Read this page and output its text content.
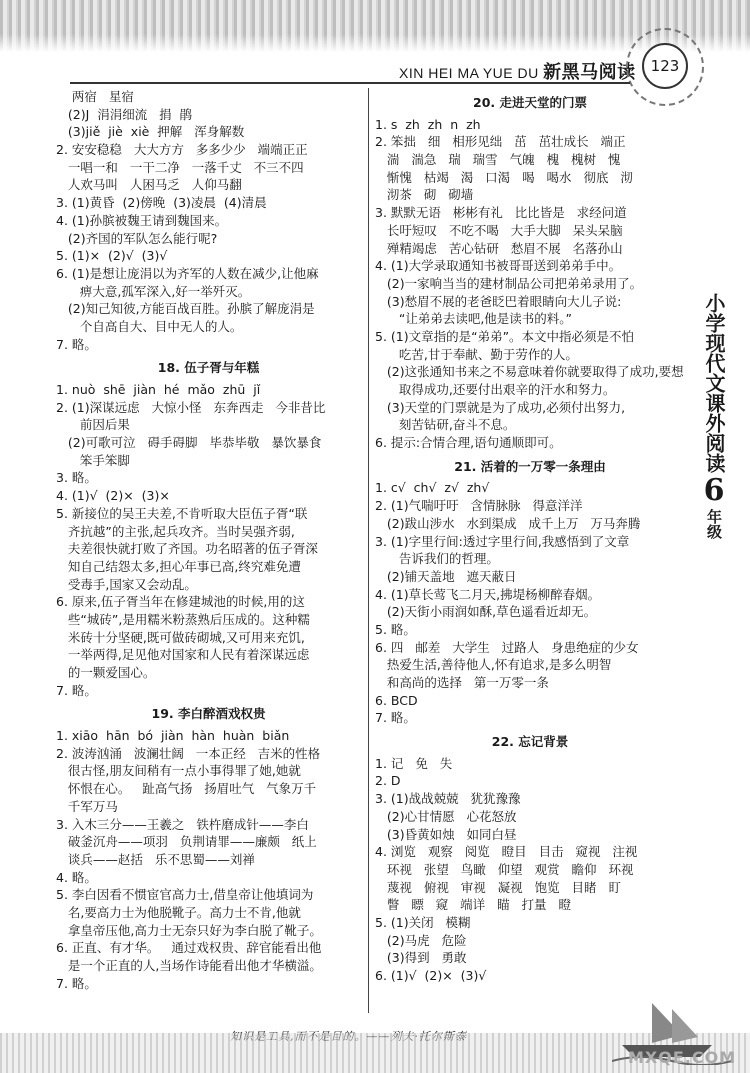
XIN HEI MA YUE DU 新黑马阅读	123
两宿   星宿
(2)J  涓涓细流   捐  鹃
(3)jiě  jiè  xiè  押解   浑身解数
2. 安安稳稳   大大方方   多多少少   端端正正
一唱一和   一干二净   一落千丈   不三不四
人欢马叫   人困马乏   人仰马翻
3. (1)黄昏  (2)傍晚  (3)凌晨  (4)清晨
4. (1)孙膑被魏王请到魏国来。
(2)齐国的军队怎么能行呢?
5. (1)×  (2)√  (3)√
6. (1)是想让庞涓以为齐军的人数在减少,让他麻
痹大意,孤军深入,好一举歼灭。
(2)知己知彼,方能百战百胜。孙膑了解庞涓是
个自高自大、目中无人的人。
7. 略。
18. 伍子胥与年糕
1. nuò  shē  jiàn  hé  mǎo  zhū  jǐ
2. (1)深谋远虑   大惊小怪   东奔西走   今非昔比
前因后果
(2)可歌可泣   碍手碍脚   毕恭毕敬   暴饮暴食
笨手笨脚
3. 略。
4. (1)√  (2)×  (3)×
5. 新接位的吴王夫差,不肯听取大臣伍子胥“联
齐抗越”的主张,起兵攻齐。当时吴强齐弱,
夫差很快就打败了齐国。功名昭著的伍子胥深
知自己结怨太多,担心年事已高,终究难免遭
受毒手,国家又会动乱。
6. 原来,伍子胥当年在修建城池的时候,用的这
些“城砖”,是用糯米粉蒸熟后压成的。这种糯
米砖十分坚硬,既可做砖砌城,又可用来充饥,
一举两得,足见他对国家和人民有着深谋远虑
的一颗爱国心。
7. 略。
19. 李白醉酒戏权贵
1. xiāo  hān  bó  jiàn  hàn  huàn  biǎn
2. 波涛汹涌   波澜壮阔   一本正经   吉米的性格
很古怪,朋友间稍有一点小事得罪了她,她就
怀恨在心。   趾高气扬   扬眉吐气   气象万千
千军万马
3. 入木三分——王羲之   铁杵磨成针——李白
破釜沉舟——项羽   负荆请罪——廉颇   纸上
谈兵——赵括   乐不思蜀——刘禅
4. 略。
5. 李白因看不惯宦官高力士,借皇帝让他填词为
名,要高力士为他脱靴子。高力士不肯,他就
拿皇帝压他,高力士无奈只好为李白脱了靴子。
6. 正直、有才华。   通过戏权贵、辞官能看出他
是一个正直的人,当场作诗能看出他才华横溢。
7. 略。
20. 走进天堂的门票
1. s  zh  zh  n  zh
2. 笨拙   细   相形见绌   茁   茁壮成长   端正
湍   湍急   瑞   瑞雪   气魄   槐   槐树   愧
惭愧   枯竭   渴   口渴   喝   喝水   彻底   沏
沏茶   砌   砌墙
3. 默默无语   彬彬有礼   比比皆是   求经问道
长吁短叹   不吃不喝   大手大脚   呆头呆脑
殚精竭虑   苦心钻研   愁眉不展   名落孙山
4. (1)大学录取通知书被哥哥送到弟弟手中。
(2)一家响当当的建材制品公司把弟弟录用了。
(3)愁眉不展的老爸眨巴着眼睛向大儿子说:
“让弟弟去读吧,他是读书的料。”
5. (1)文章指的是“弟弟”。本文中指必须是不怕
吃苦,甘于奉献、勤于劳作的人。
(2)这张通知书来之不易意味着你就要取得了成功,要想
取得成功,还要付出艰辛的汗水和努力。
(3)天堂的门票就是为了成功,必须付出努力,
刻苦钻研,奋斗不息。
6. 提示:合情合理,语句通顺即可。
21. 活着的一万零一条理由
1. c√  ch√  z√  zh√
2. (1)气喘吁吁   含情脉脉   得意洋洋
(2)跋山涉水   水到渠成   成千上万   万马奔腾
3. (1)字里行间:透过字里行间,我感悟到了文章
告诉我们的哲理。
(2)铺天盖地   遮天蔽日
4. (1)草长莺飞二月天,拂堤杨柳醉春烟。
(2)天街小雨润如酥,草色遥看近却无。
5. 略。
6. 四   邮差   大学生   过路人   身患绝症的少女
热爱生活,善待他人,怀有追求,是多么明智
和高尚的选择   第一万零一条
6. BCD
7. 略。
22. 忘记背景
1. 记   免   失
2. D
3. (1)战战兢兢   犹犹豫豫
(2)心甘情愿   心花怒放
(3)昏黄如烛   如同白昼
4. 浏览   观察   阅览   瞪目   目击   窥视   注视
环视   张望   鸟瞰   仰望   观赏   瞻仰   环视
蔑视   俯视   审视   凝视   饱览   目睹   盯
瞥   瞟   窥   端详   瞄   打量   瞪
5. (1)关闭   模糊
(2)马虎   危险
(3)得到   勇敢
6. (1)√  (2)×  (3)√
小学现代文课外阅读
6
年级
MXQE.COM
